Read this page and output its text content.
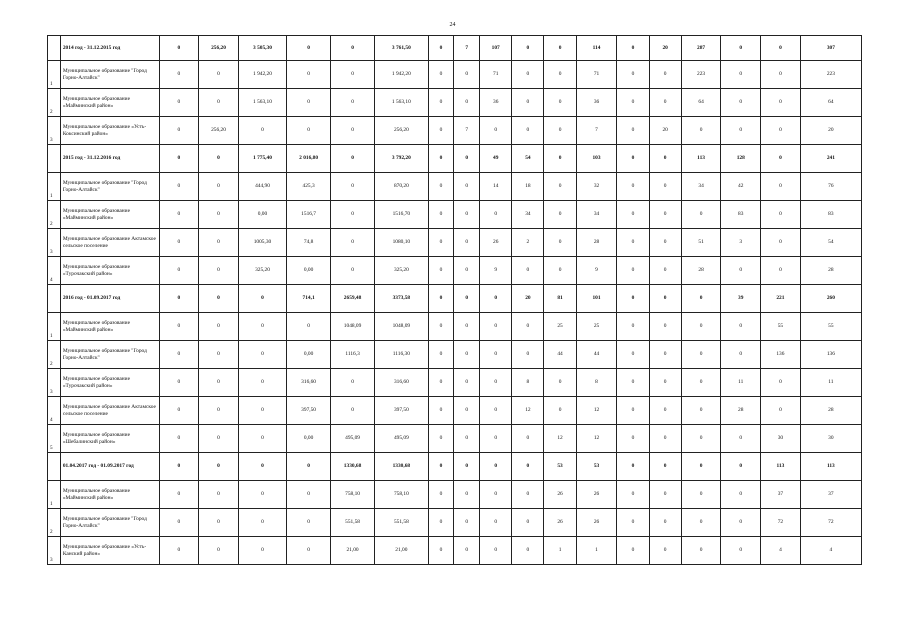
24
	2014 год - 31.12.2015 год	0	256,20	3 505,30	0	0	3 761,50	0	7	107	0	0	114	0	20	287	0	0	307
1	Муниципальное образование "Город Горно-Алтайск"	0	0	1 942,20	0	0	1 942,20	0	0	71	0	0	71	0	0	223	0	0	223
2	Муниципальное образование «Майминский район»	0	0	1 563,10	0	0	1 563,10	0	0	36	0	0	36	0	0	64	0	0	64
3	Муниципальное образование «Усть-Коксинский район»	0	256,20	0	0	0	256,20	0	7	0	0	0	7	0	20	0	0	0	20
	2015 год - 31.12.2016 год	0	0	1 775,40	2 016,80	0	3 792,20	0	0	49	54	0	103	0	0	113	128	0	241
1	Муниципальное образование "Город Горно-Алтайск"	0	0	444,90	425,3	0	870,20	0	0	14	18	0	32	0	0	34	42	0	76
2	Муниципальное образование «Майминский район»	0	0	0,00	1516,7	0	1516,70	0	0	0	34	0	34	0	0	0	83	0	83
3	Муниципальное образование Актамское сельское поселение	0	0	1005,30	74,8	0	1080,10	0	0	26	2	0	28	0	0	51	3	0	54
4	Муниципальное образование «Турочакский район»	0	0	325,20	0,00	0	325,20	0	0	9	0	0	9	0	0	28	0	0	28
	2016 год - 01.09.2017 год	0	0	0	714,1	2659,48	3373,58	0	0	0	20	81	101	0	0	0	39	221	260
1	Муниципальное образование «Майминский район»	0	0	0	0	1048,09	1048,09	0	0	0	0	25	25	0	0	0	0	55	55
2	Муниципальное образование "Город Горно-Алтайск"	0	0	0	0,00	1116,3	1116,30	0	0	0	0	44	44	0	0	0	0	136	136
3	Муниципальное образование «Турочакский район»	0	0	0	316,60	0	316,60	0	0	0	8	0	8	0	0	0	11	0	11
4	Муниципальное образование Актамское сельское поселение	0	0	0	397,50	0	397,50	0	0	0	12	0	12	0	0	0	28	0	28
5	Муниципальное образование «Шебалинский район»	0	0	0	0,00	495,09	495,09	0	0	0	0	12	12	0	0	0	0	30	30
	01.04.2017 год - 01.09.2017 год	0	0	0	0	1330,68	1330,68	0	0	0	0	53	53	0	0	0	0	113	113
1	Муниципальное образование «Майминский район»	0	0	0	0	758,10	758,10	0	0	0	0	26	26	0	0	0	0	37	37
2	Муниципальное образование "Город Горно-Алтайск"	0	0	0	0	551,58	551,58	0	0	0	0	26	26	0	0	0	0	72	72
3	Муниципальное образование «Усть-Канский район»	0	0	0	0	21,00	21,00	0	0	0	0	1	1	0	0	0	0	4	4
